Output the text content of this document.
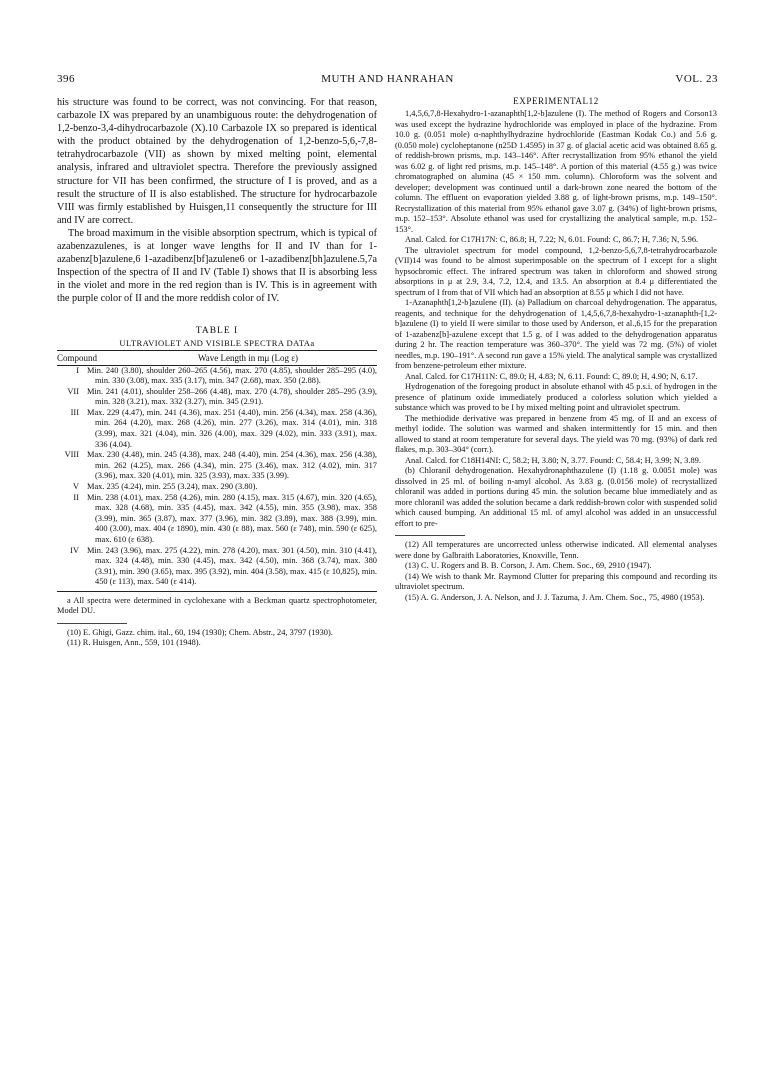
396	MUTH AND HANRAHAN	VOL. 23

his structure was found to be correct, was not convincing. For that reason, carbazole IX was prepared by an unambiguous route: the dehydrogenation of 1,2-benzo-3,4-dihydrocarbazole (X).10 Carbazole IX so prepared is identical with the product obtained by the dehydrogenation of 1,2-benzo-5,6,-7,8-tetrahydrocarbazole (VII) as shown by mixed melting point, elemental analysis, infrared and ultraviolet spectra. Therefore the previously assigned structure for VII has been confirmed, the structure of I is proved, and as a result the structure of II is also established. The structure for hydrocarbazole VIII was firmly established by Huisgen,11 consequently the structure for III and IV are correct.

The broad maximum in the visible absorption spectrum, which is typical of azabenzazulenes, is at longer wave lengths for II and IV than for 1-azabenz[b]azulene,6 1-azadibenz[bf]azulene6 or 1-azadibenz[bh]azulene.5,7a Inspection of the spectra of II and IV (Table I) shows that II is absorbing less in the violet and more in the red region than is IV. This is in agreement with the purple color of II and the more reddish color of IV.

TABLE I
ULTRAVIOLET AND VISIBLE SPECTRA DATAa
Compound	Wave Length in mμ (Log ε)
I Min. 240 (3.80), shoulder 260–265 (4.56), max. 270 (4.85), shoulder 285–295 (4.0), min. 330 (3.08), max. 335 (3.17), min. 347 (2.68), max. 350 (2.88).
VII Min. 241 (4.01), shoulder 258–266 (4.48), max. 270 (4.78), shoulder 285–295 (3.9), min. 328 (3.21), max. 332 (3.27), min. 345 (2.91).
III Max. 229 (4.47), min. 241 (4.36), max. 251 (4.40), min. 256 (4.34), max. 258 (4.36), min. 264 (4.20), max. 268 (4.26), min. 277 (3.26), max. 314 (4.01), min. 318 (3.99), max. 321 (4.04), min. 326 (4.00), max. 329 (4.02), min. 333 (3.91), max. 336 (4.04).
VIII Max. 230 (4.48), min. 245 (4.38), max. 248 (4.40), min. 254 (4.36), max. 256 (4.38), min. 262 (4.25), max. 266 (4.34), min. 275 (3.46), max. 312 (4.02), min. 317 (3.96), max. 320 (4.01), min. 325 (3.93), max. 335 (3.99).
V Max. 235 (4.24), min. 255 (3.24), max. 290 (3.80).
II Min. 238 (4.01), max. 258 (4.26), min. 280 (4.15), max. 315 (4.67), min. 320 (4.65), max. 328 (4.68), min. 335 (4.45), max. 342 (4.55), min. 355 (3.98), max. 358 (3.99), min. 365 (3.87), max. 377 (3.96), min. 382 (3.89), max. 388 (3.99), min. 400 (3.00), max. 404 (ε 1890), min. 430 (ε 88), max. 560 (ε 748), min. 590 (ε 625), max. 610 (ε 638).
IV Min. 243 (3.96), max. 275 (4.22), min. 278 (4.20), max. 301 (4.50), min. 310 (4.41), max. 324 (4.48), min. 330 (4.45), max. 342 (4.50), min. 368 (3.74), max. 380 (3.91), min. 390 (3.65), max. 395 (3.92), min. 404 (3.58), max. 415 (ε 10,825), min. 450 (ε 113), max. 540 (ε 414).

a All spectra were determined in cyclohexane with a Beckman quartz spectrophotometer, Model DU.

(10) E. Ghigi, Gazz. chim. ital., 60, 194 (1930); Chem. Abstr., 24, 3797 (1930).

(11) R. Huisgen, Ann., 559, 101 (1948).

EXPERIMENTAL12

1,4,5,6,7,8-Hexahydro-1-azanaphth[1,2-b]azulene (I). The method of Rogers and Corson13 was used except the hydrazine hydrochloride was employed in place of the hydrazine. From 10.0 g. (0.051 mole) α-naphthylhydrazine hydrochloride (Eastman Kodak Co.) and 5.6 g. (0.050 mole) cycloheptanone (n25D 1.4595) in 37 g. of glacial acetic acid was obtained 8.65 g. of reddish-brown prisms, m.p. 143–146°. After recrystallization from 95% ethanol the yield was 6.02 g. of light red prisms, m.p. 145–148°. A portion of this material (4.55 g.) was twice chromatographed on alumina (45 × 150 mm. column). Chloroform was the solvent and developer; development was continued until a dark-brown zone neared the bottom of the column. The effluent on evaporation yielded 3.88 g. of light-brown prisms, m.p. 149–150°. Recrystallization of this material from 95% ethanol gave 3.07 g. (34%) of light-brown prisms, m.p. 152–153°. Absolute ethanol was used for crystallizing the analytical sample, m.p. 152–153°.

Anal. Calcd. for C17H17N: C, 86.8; H, 7.22; N, 6.01. Found: C, 86.7; H, 7.36; N, 5.96.

The ultraviolet spectrum for model compound, 1,2-benzo-5,6,7,8-tetrahydrocarbazole (VII)14 was found to be almost superimposable on the spectrum of I except for a slight hypsochromic effect. The infrared spectrum was taken in chloroform and showed strong absorptions in μ at 2.9, 3.4, 7.2, 12.4, and 13.5. An absorption at 8.4 μ differentiated the spectrum of I from that of VII which had an absorption at 8.55 μ which I did not have.

1-Azanaphth[1,2-b]azulene (II). (a) Palladium on charcoal dehydrogenation. The apparatus, reagents, and technique for the dehydrogenation of 1,4,5,6,7,8-hexahydro-1-azanaphth-[1,2-b]azulene (I) to yield II were similar to those used by Anderson, et al.,6,15 for the preparation of 1-azabenz[b]-azulene except that 1.5 g. of I was added to the dehydrogenation apparatus during 2 hr. The reaction temperature was 360–370°. The yield was 72 mg. (5%) of violet needles, m.p. 190–191°. A second run gave a 15% yield. The analytical sample was crystallized from benzene-petroleum ether mixture.

Anal. Calcd. for C17H11N: C, 89.0; H, 4.83; N, 6.11. Found: C, 89.0; H, 4.90; N, 6.17.

Hydrogenation of the foregoing product in absolute ethanol with 45 p.s.i. of hydrogen in the presence of platinum oxide immediately produced a colorless solution which yielded a substance which was proved to be I by mixed melting point and ultraviolet spectrum.

The methiodide derivative was prepared in benzene from 45 mg. of II and an excess of methyl iodide. The solution was warmed and shaken intermittently for 15 min. and then allowed to stand at room temperature for several days. The yield was 70 mg. (93%) of dark red flakes, m.p. 303–304° (corr.).

Anal. Calcd. for C18H14NI: C, 58.2; H, 3.80; N, 3.77. Found: C, 58.4; H, 3.99; N, 3.89.

(b) Chloranil dehydrogenation. Hexahydronaphthazulene (I) (1.18 g. 0.0051 mole) was dissolved in 25 ml. of boiling n-amyl alcohol. As 3.83 g. (0.0156 mole) of recrystallized chloranil was added in portions during 45 min. the solution became blue immediately and as more chloranil was added the solution became a dark reddish-brown color with suspended solid which caused bumping. An additional 15 ml. of amyl alcohol was added in an unsuccessful effort to pre-

(12) All temperatures are uncorrected unless otherwise indicated. All elemental analyses were done by Galbraith Laboratories, Knoxville, Tenn.

(13) C. U. Rogers and B. B. Corson, J. Am. Chem. Soc., 69, 2910 (1947).

(14) We wish to thank Mr. Raymond Clutter for preparing this compound and recording its ultraviolet spectrum.

(15) A. G. Anderson, J. A. Nelson, and J. J. Tazuma, J. Am. Chem. Soc., 75, 4980 (1953).
